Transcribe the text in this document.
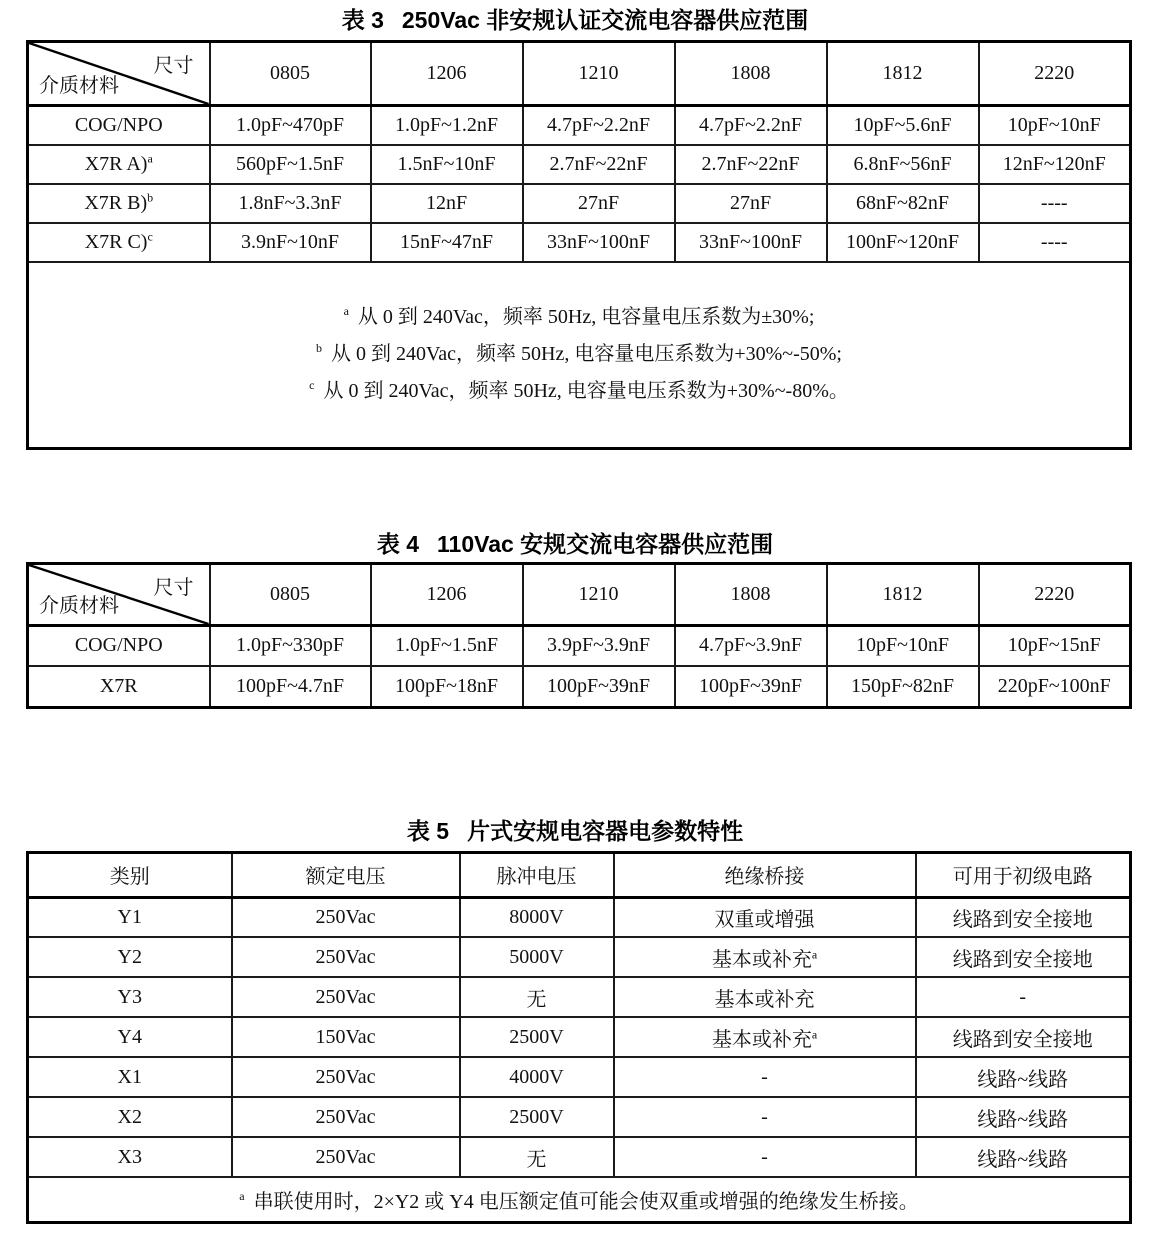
表 3 250Vac 非安规认证交流电容器供应范围
尺寸
介质材料	0805	1206	1210	1808	1812	2220
COG/NPO	1.0pF~470pF	1.0pF~1.2nF	4.7pF~2.2nF	4.7pF~2.2nF	10pF~5.6nF	10pF~10nF
X7R A)$^a$	560pF~1.5nF	1.5nF~10nF	2.7nF~22nF	2.7nF~22nF	6.8nF~56nF	12nF~120nF
X7R B)$^b$	1.8nF~3.3nF	12nF	27nF	27nF	68nF~82nF	----
X7R C)$^c$	3.9nF~10nF	15nF~47nF	33nF~100nF	33nF~100nF	100nF~120nF	----

$^a$ 从 0 到 240Vac，频率 50Hz, 电容量电压系数为±30%;
$^b$ 从 0 到 240Vac，频率 50Hz, 电容量电压系数为+30%~-50%;
$^c$ 从 0 到 240Vac，频率 50Hz, 电容量电压系数为+30%~-80%。						
表 4 110Vac 安规交流电容器供应范围
尺寸
介质材料	0805	1206	1210	1808	1812	2220
COG/NPO	1.0pF~330pF	1.0pF~1.5nF	3.9pF~3.9nF	4.7pF~3.9nF	10pF~10nF	10pF~15nF
X7R	100pF~4.7nF	100pF~18nF	100pF~39nF	100pF~39nF	150pF~82nF	220pF~100nF
表 5 片式安规电容器电参数特性
类别	额定电压	脉冲电压	绝缘桥接	可用于初级电路
Y1	250Vac	8000V	双重或增强	线路到安全接地
Y2	250Vac	5000V	基本或补充$^a$	线路到安全接地
Y3	250Vac	无	基本或补充	-
Y4	150Vac	2500V	基本或补充$^a$	线路到安全接地
X1	250Vac	4000V	-	线路~线路
X2	250Vac	2500V	-	线路~线路
X3	250Vac	无	-	线路~线路
$^a$ 串联使用时，2×Y2 或 Y4 电压额定值可能会使双重或增强的绝缘发生桥接。				
